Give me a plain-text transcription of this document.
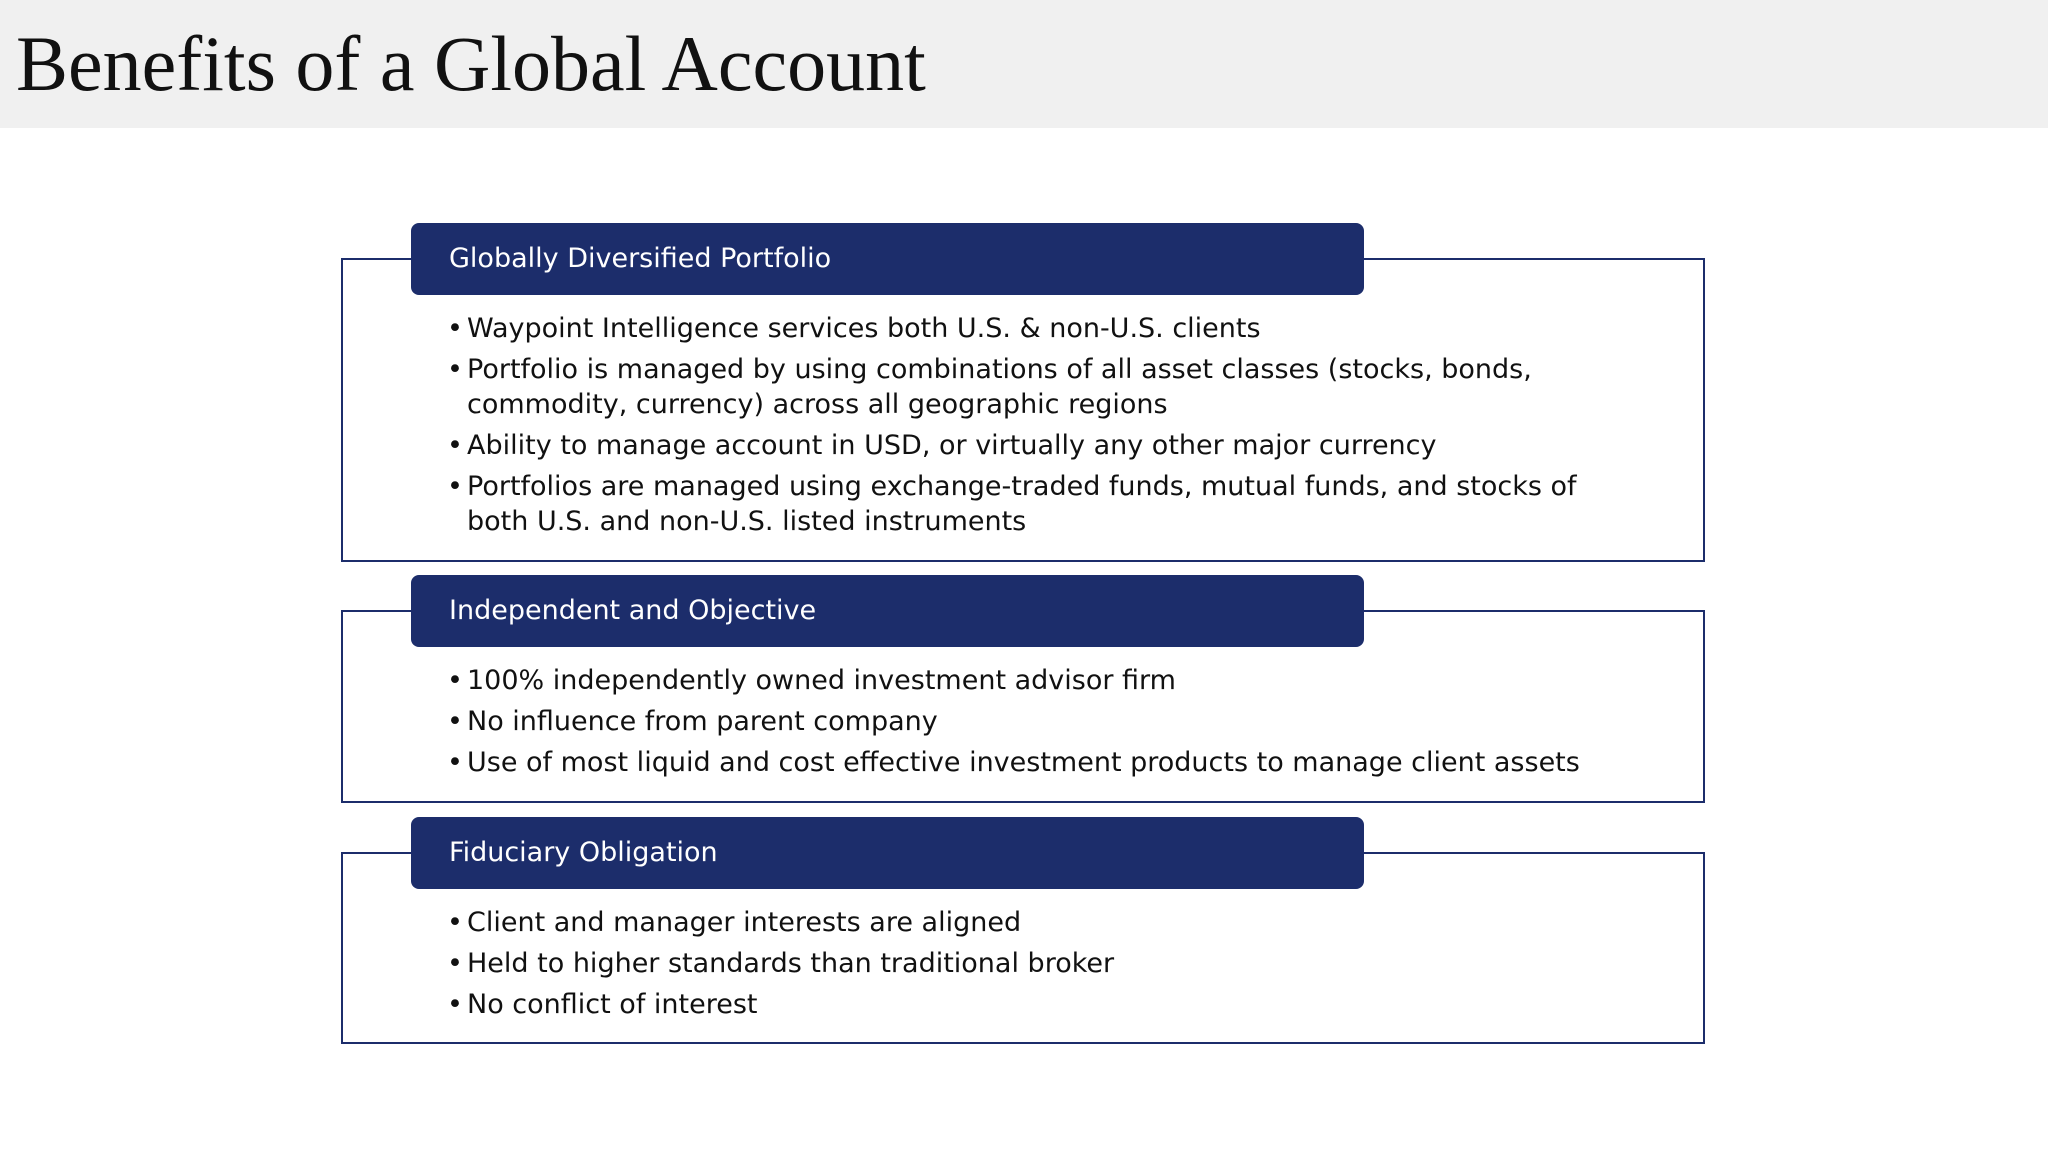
Benefits of a Global Account
Globally Diversified Portfolio
• Waypoint Intelligence services both U.S. & non-U.S. clients
• Portfolio is managed by using combinations of all asset classes (stocks, bonds, commodity, currency) across all geographic regions
• Ability to manage account in USD, or virtually any other major currency
• Portfolios are managed using exchange-traded funds, mutual funds, and stocks of both U.S. and non-U.S. listed instruments
Independent and Objective
• 100% independently owned investment advisor firm
• No influence from parent company
• Use of most liquid and cost effective investment products to manage client assets
Fiduciary Obligation
• Client and manager interests are aligned
• Held to higher standards than traditional broker
• No conflict of interest
